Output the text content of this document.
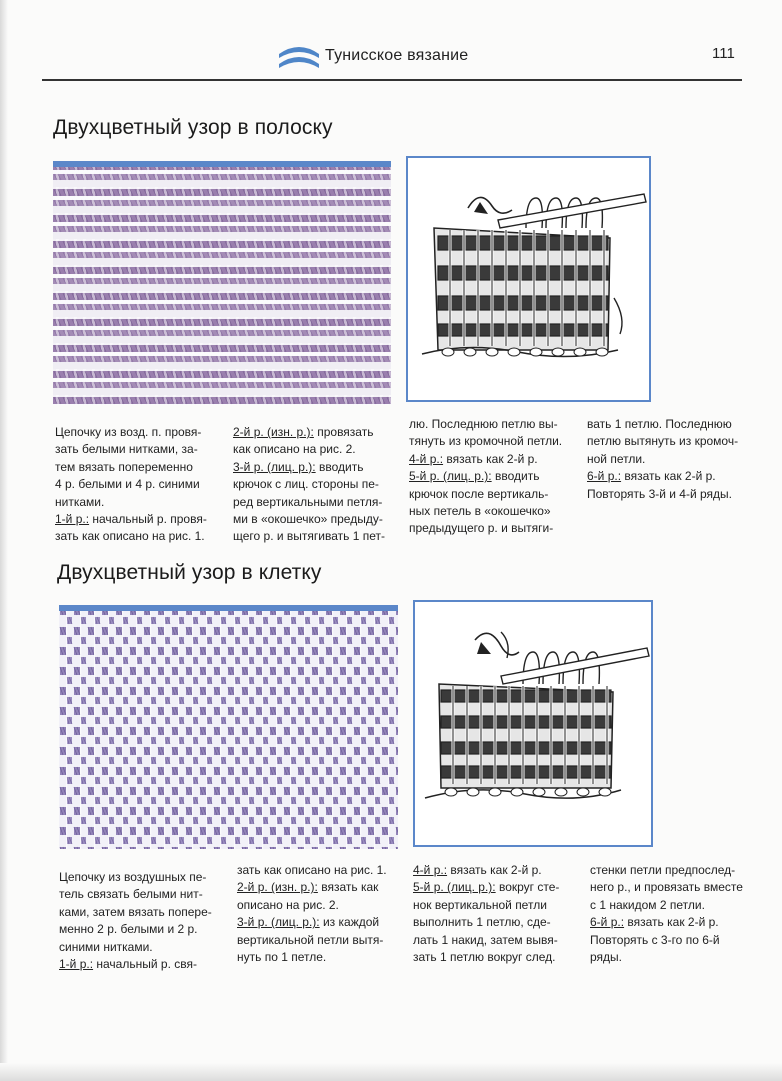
Тунисское вязание	111
Двухцветный узор в полоску

Цепочку из возд. п. провя-

зать белыми нитками, за-

тем вязать попеременно

4 р. белыми и 4 р. синими

нитками.

1-й р.: начальный р. провя-

зать как описано на рис. 1.

2-й р. (изн. р.): провязать

как описано на рис. 2.

3-й р. (лиц. р.): вводить

крючок с лиц. стороны пе-

ред вертикальными петля-

ми в «окошечко» предыду-

щего р. и вытягивать 1 пет-

лю. Последнюю петлю вы-

тянуть из кромочной петли.

4-й р.: вязать как 2-й р.

5-й р. (лиц. р.): вводить

крючок после вертикаль-

ных петель в «окошечко»

предыдущего р. и вытяги-

вать 1 петлю. Последнюю

петлю вытянуть из кромоч-

ной петли.

6-й р.: вязать как 2-й р.

Повторять 3-й и 4-й ряды.

Двухцветный узор в клетку

Цепочку из воздушных пе-

тель связать белыми нит-

ками, затем вязать попере-

менно 2 р. белыми и 2 р.

синими нитками.

1-й р.: начальный р. свя-

зать как описано на рис. 1.

2-й р. (изн. р.): вязать как

описано на рис. 2.

3-й р. (лиц. р.): из каждой

вертикальной петли вытя-

нуть по 1 петле.

4-й р.: вязать как 2-й р.

5-й р. (лиц. р.): вокруг сте-

нок вертикальной петли

выполнить 1 петлю, сде-

лать 1 накид, затем вывя-

зать 1 петлю вокруг след.

стенки петли предпослед-

него р., и провязать вместе

с 1 накидом 2 петли.

6-й р.: вязать как 2-й р.

Повторять с 3-го по 6-й

ряды.
